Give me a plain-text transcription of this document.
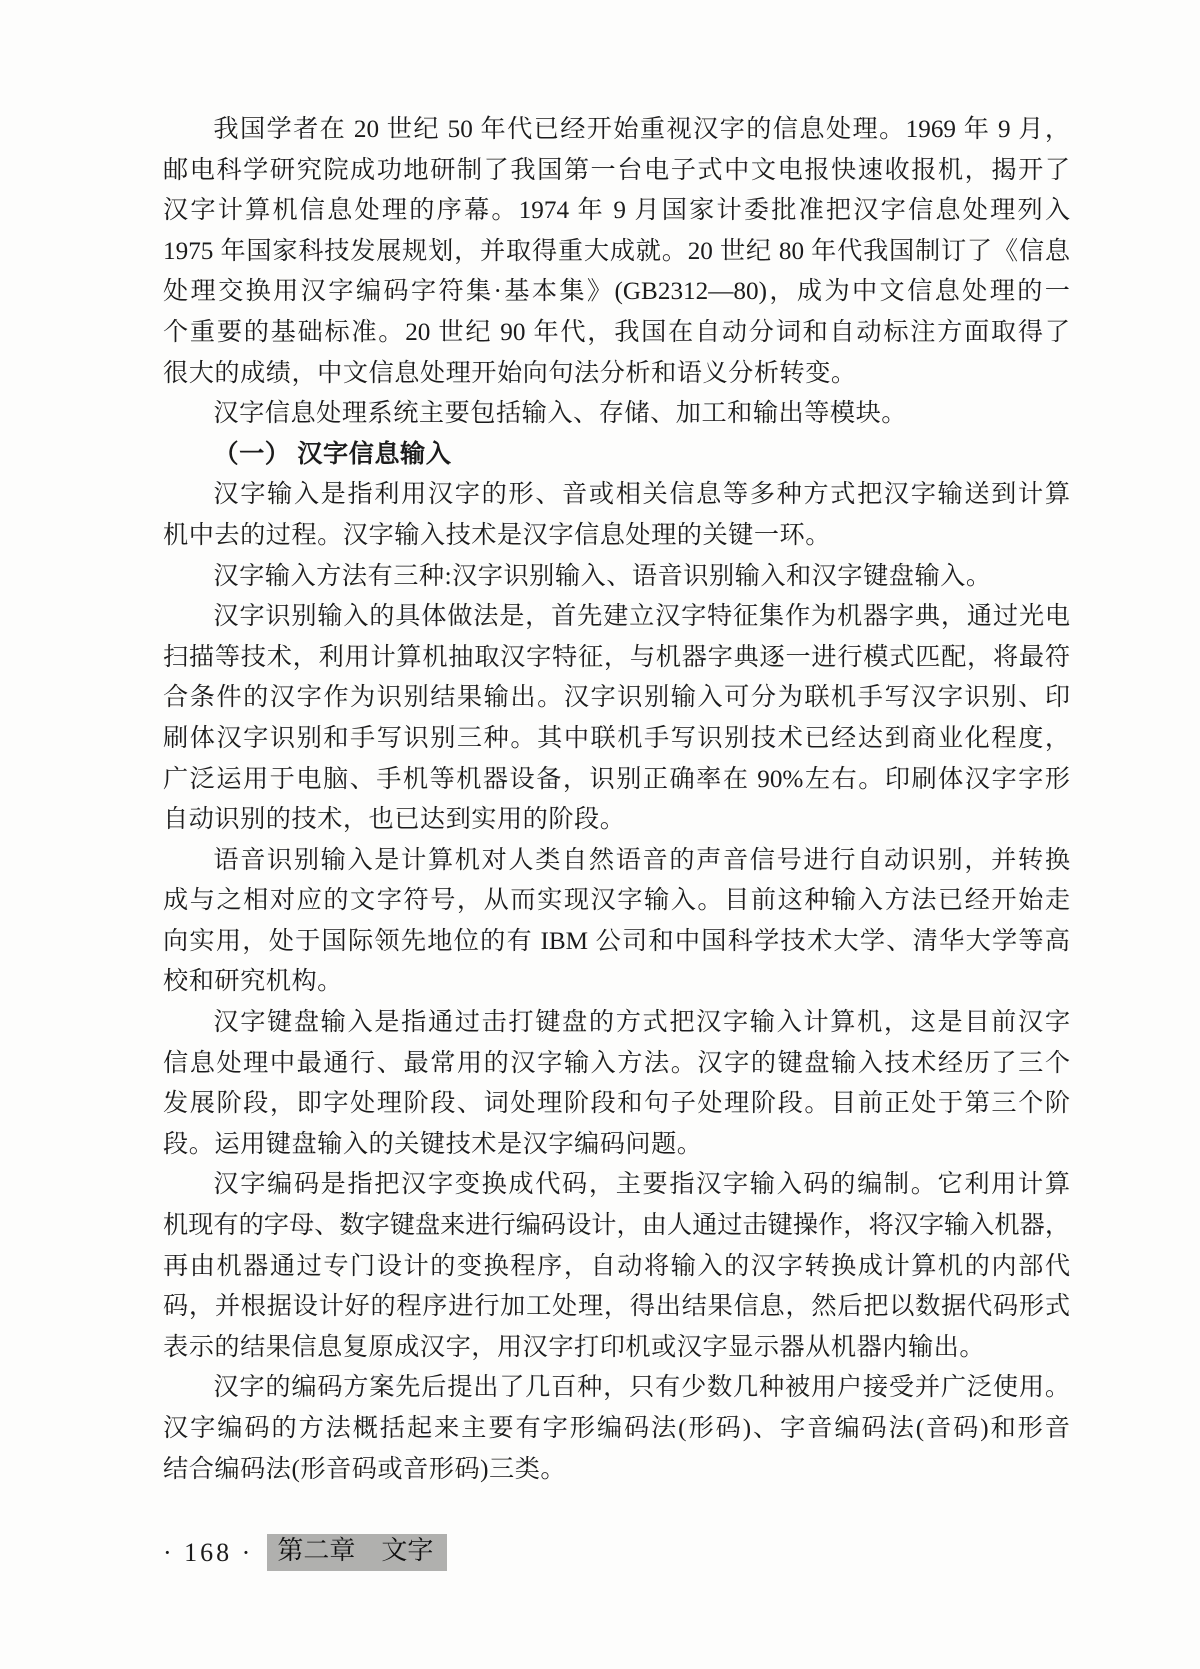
我国学者在 20 世纪 50 年代已经开始重视汉字的信息处理。1969 年 9 月，
邮电科学研究院成功地研制了我国第一台电子式中文电报快速收报机，揭开了
汉字计算机信息处理的序幕。1974 年 9 月国家计委批准把汉字信息处理列入
1975 年国家科技发展规划，并取得重大成就。20 世纪 80 年代我国制订了《信息
处理交换用汉字编码字符集·基本集》(GB2312—80)，成为中文信息处理的一
个重要的基础标准。20 世纪 90 年代，我国在自动分词和自动标注方面取得了
很大的成绩，中文信息处理开始向句法分析和语义分析转变。
汉字信息处理系统主要包括输入、存储、加工和输出等模块。
（一） 汉字信息输入
汉字输入是指利用汉字的形、音或相关信息等多种方式把汉字输送到计算
机中去的过程。汉字输入技术是汉字信息处理的关键一环。
汉字输入方法有三种:汉字识别输入、语音识别输入和汉字键盘输入。
汉字识别输入的具体做法是，首先建立汉字特征集作为机器字典，通过光电
扫描等技术，利用计算机抽取汉字特征，与机器字典逐一进行模式匹配，将最符
合条件的汉字作为识别结果输出。汉字识别输入可分为联机手写汉字识别、印
刷体汉字识别和手写识别三种。其中联机手写识别技术已经达到商业化程度，
广泛运用于电脑、手机等机器设备，识别正确率在 90%左右。印刷体汉字字形
自动识别的技术，也已达到实用的阶段。
语音识别输入是计算机对人类自然语音的声音信号进行自动识别，并转换
成与之相对应的文字符号，从而实现汉字输入。目前这种输入方法已经开始走
向实用，处于国际领先地位的有 IBM 公司和中国科学技术大学、清华大学等高
校和研究机构。
汉字键盘输入是指通过击打键盘的方式把汉字输入计算机，这是目前汉字
信息处理中最通行、最常用的汉字输入方法。汉字的键盘输入技术经历了三个
发展阶段，即字处理阶段、词处理阶段和句子处理阶段。目前正处于第三个阶
段。运用键盘输入的关键技术是汉字编码问题。
汉字编码是指把汉字变换成代码，主要指汉字输入码的编制。它利用计算
机现有的字母、数字键盘来进行编码设计，由人通过击键操作，将汉字输入机器，
再由机器通过专门设计的变换程序，自动将输入的汉字转换成计算机的内部代
码，并根据设计好的程序进行加工处理，得出结果信息，然后把以数据代码形式
表示的结果信息复原成汉字，用汉字打印机或汉字显示器从机器内输出。
汉字的编码方案先后提出了几百种，只有少数几种被用户接受并广泛使用。
汉字编码的方法概括起来主要有字形编码法(形码)、字音编码法(音码)和形音
结合编码法(形音码或音形码)三类。
· 168 · 第二章　文字
